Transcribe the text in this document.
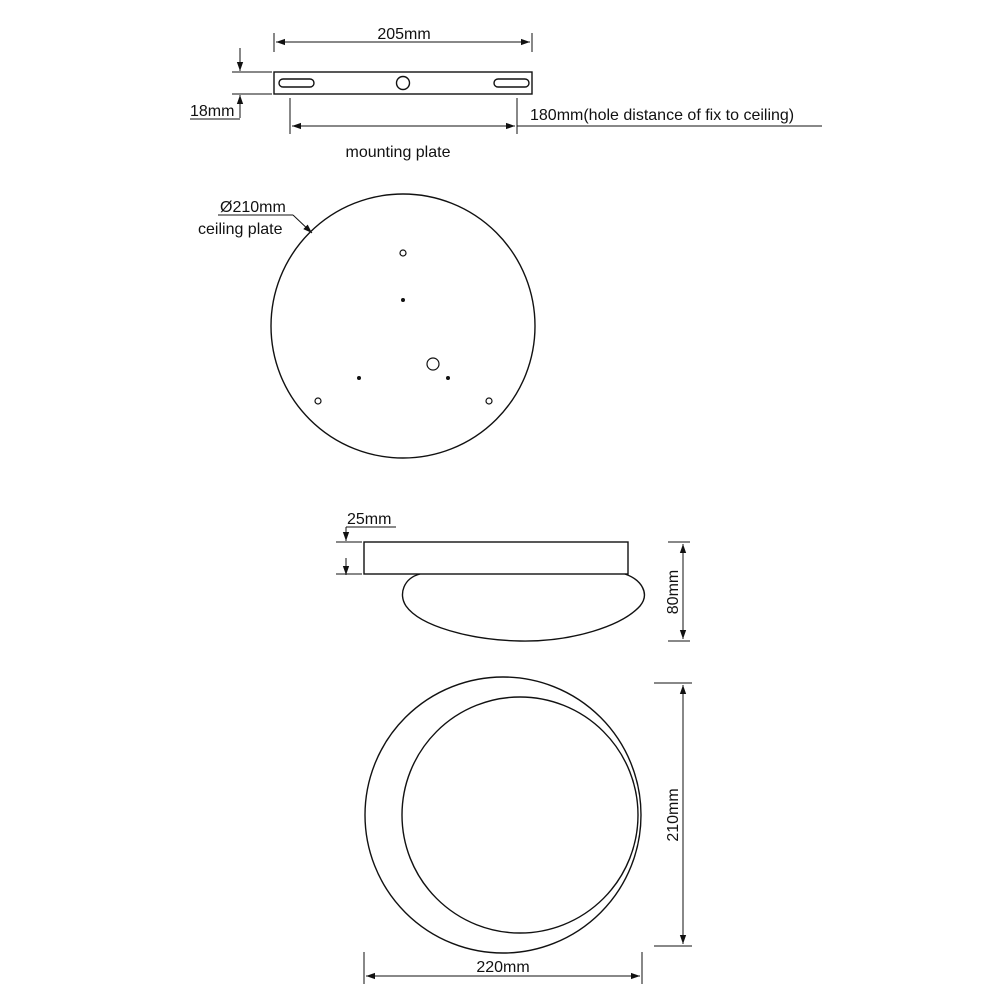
205mm
18mm	180mm(hole distance of fix to ceiling)
mounting plate
Ø210mm
ceiling plate
25mm
80mm
210mm
220mm
